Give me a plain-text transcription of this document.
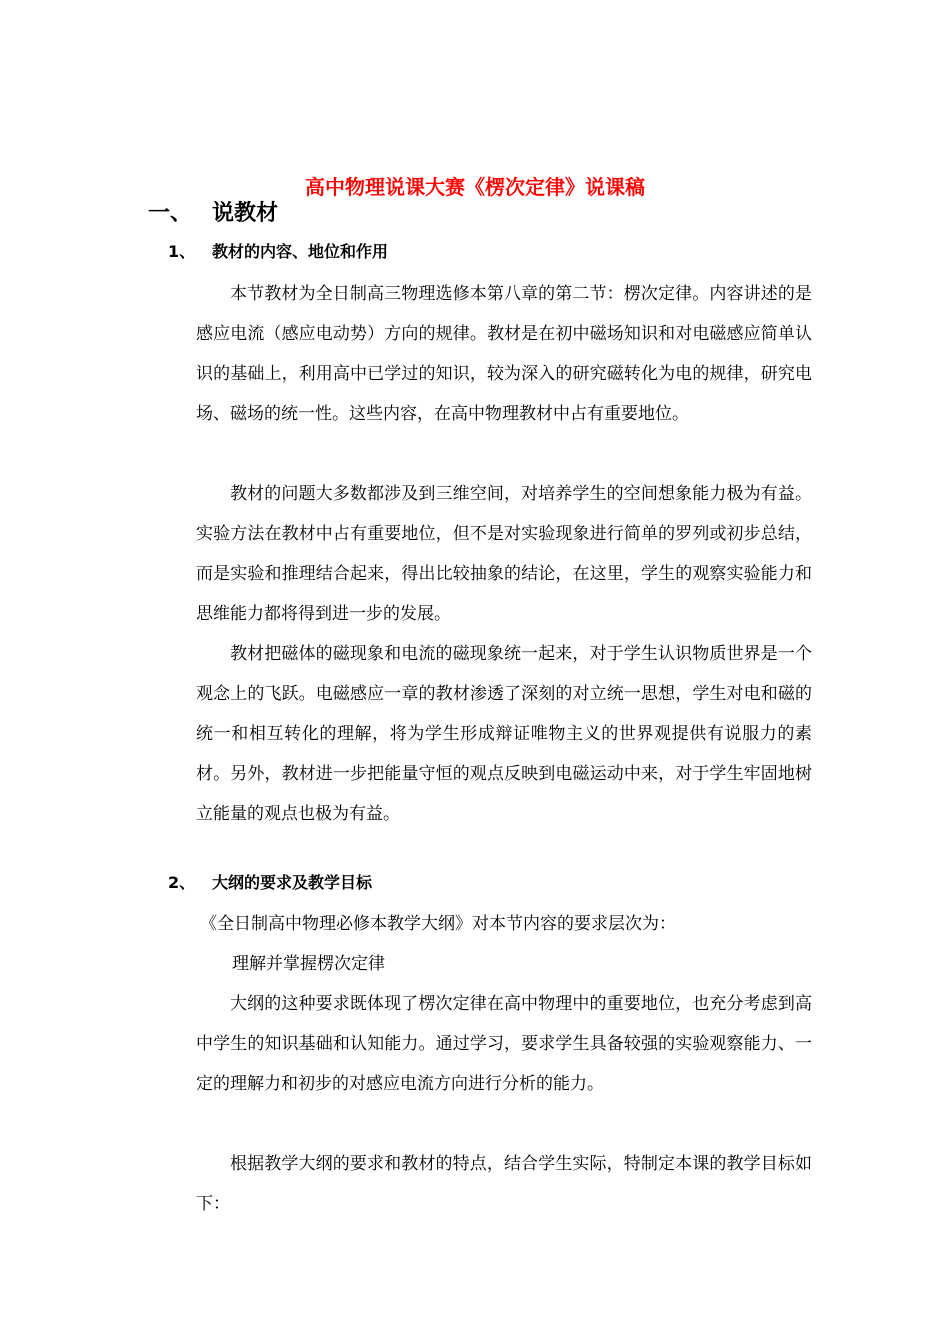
高中物理说课大赛《楞次定律》说课稿
一、 说教材
1、 教材的内容、地位和作用

本节教材为全日制高三物理选修本第八章的第二节：楞次定律。内容讲述的是感应电流（感应电动势）方向的规律。教材是在初中磁场知识和对电磁感应简单认识的基础上，利用高中已学过的知识，较为深入的研究磁转化为电的规律，研究电场、磁场的统一性。这些内容，在高中物理教材中占有重要地位。

教材的问题大多数都涉及到三维空间，对培养学生的空间想象能力极为有益。实验方法在教材中占有重要地位，但不是对实验现象进行简单的罗列或初步总结，而是实验和推理结合起来，得出比较抽象的结论，在这里，学生的观察实验能力和思维能力都将得到进一步的发展。

教材把磁体的磁现象和电流的磁现象统一起来，对于学生认识物质世界是一个观念上的飞跃。电磁感应一章的教材渗透了深刻的对立统一思想，学生对电和磁的统一和相互转化的理解，将为学生形成辩证唯物主义的世界观提供有说服力的素材。另外，教材进一步把能量守恒的观点反映到电磁运动中来，对于学生牢固地树立能量的观点也极为有益。

2、 大纲的要求及教学目标

《全日制高中物理必修本教学大纲》对本节内容的要求层次为：

理解并掌握楞次定律

大纲的这种要求既体现了楞次定律在高中物理中的重要地位，也充分考虑到高中学生的知识基础和认知能力。通过学习，要求学生具备较强的实验观察能力、一定的理解力和初步的对感应电流方向进行分析的能力。

根据教学大纲的要求和教材的特点，结合学生实际，特制定本课的教学目标如下：
